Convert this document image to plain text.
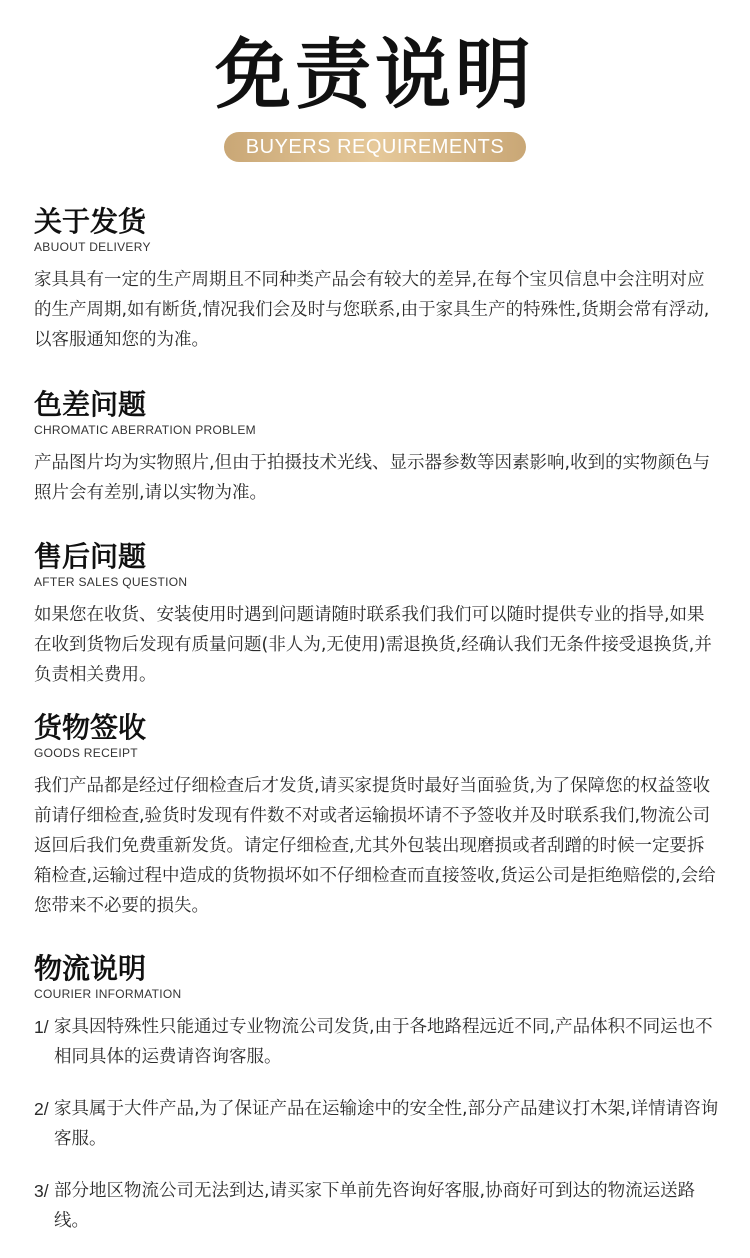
免责说明
BUYERS REQUIREMENTS
关于发货
ABUOUT DELIVERY
家具具有一定的生产周期且不同种类产品会有较大的差异,在每个宝贝信息中会注明对应的生产周期,如有断货,情况我们会及时与您联系,由于家具生产的特殊性,货期会常有浮动,以客服通知您的为准。
色差问题
CHROMATIC ABERRATION PROBLEM
产品图片均为实物照片,但由于拍摄技术光线、显示器参数等因素影响,收到的实物颜色与照片会有差别,请以实物为准。
售后问题
AFTER SALES QUESTION
如果您在收货、安装使用时遇到问题请随时联系我们我们可以随时提供专业的指导,如果在收到货物后发现有质量问题(非人为,无使用)需退换货,经确认我们无条件接受退换货,并负责相关费用。
货物签收
GOODS RECEIPT
我们产品都是经过仔细检查后才发货,请买家提货时最好当面验货,为了保障您的权益签收前请仔细检查,验货时发现有件数不对或者运输损坏请不予签收并及时联系我们,物流公司返回后我们免费重新发货。请定仔细检查,尤其外包装出现磨损或者刮蹭的时候一定要拆箱检查,运输过程中造成的货物损坏如不仔细检查而直接签收,货运公司是拒绝赔偿的,会给您带来不必要的损失。
物流说明
COURIER INFORMATION
1/ 家具因特殊性只能通过专业物流公司发货,由于各地路程远近不同,产品体积不同运也不相同具体的运费请咨询客服。
2/ 家具属于大件产品,为了保证产品在运输途中的安全性,部分产品建议打木架,详情请咨询客服。
3/ 部分地区物流公司无法到达,请买家下单前先咨询好客服,协商好可到达的物流运送路线。
